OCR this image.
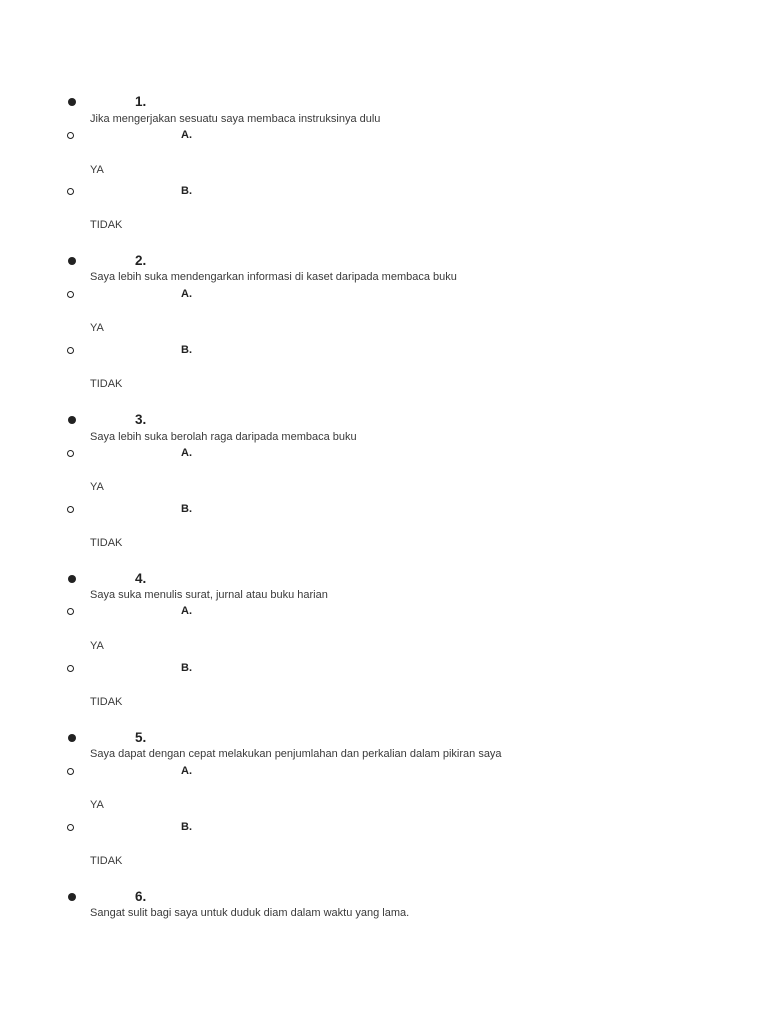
1.
Jika mengerjakan sesuatu saya membaca instruksinya dulu
A.
YA
B.
TIDAK
2.
Saya lebih suka mendengarkan informasi di kaset daripada membaca buku
A.
YA
B.
TIDAK
3.
Saya lebih suka berolah raga daripada membaca buku
A.
YA
B.
TIDAK
4.
Saya suka menulis surat, jurnal atau buku harian
A.
YA
B.
TIDAK
5.
Saya dapat dengan cepat melakukan penjumlahan dan perkalian dalam pikiran saya
A.
YA
B.
TIDAK
6.
Sangat sulit bagi saya untuk duduk diam dalam waktu yang lama.
